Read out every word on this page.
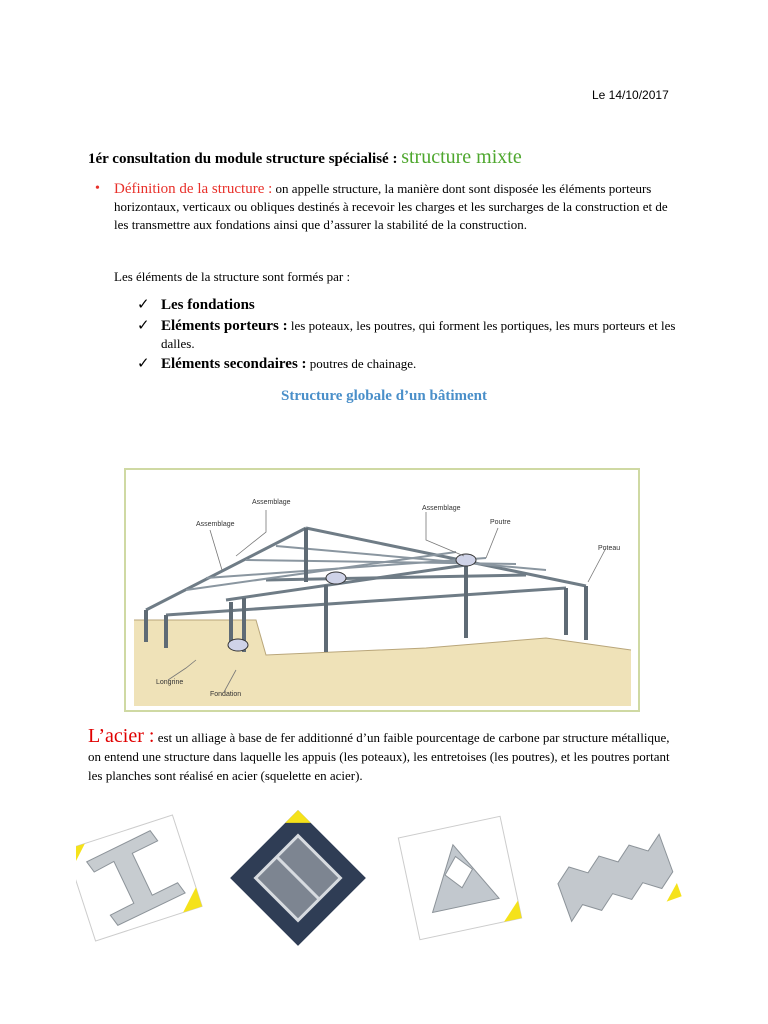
Le 14/10/2017
1ér consultation du module structure spécialisé : structure mixte
• Définition de la structure : on appelle structure, la manière dont sont disposée les éléments porteurs horizontaux, verticaux ou obliques destinés à recevoir les charges et les surcharges de la construction et de les transmettre aux fondations ainsi que d’assurer la stabilité de la construction.
Les éléments de la structure sont formés par :
✓ Les fondations
✓ Eléments porteurs : les poteaux, les poutres, qui forment les portiques, les murs porteurs et les dalles.
✓ Eléments secondaires : poutres de chainage.
Structure globale d’un bâtiment
Assemblage
Assemblage
Assemblage
Poutre
Poteau
Longrine
Fondation
L’acier : est un alliage à base de fer additionné d’un faible pourcentage de carbone par structure métallique, on entend une structure dans laquelle les appuis (les poteaux), les entretoises (les poutres), et les poutres portant les planches sont réalisé en acier (squelette en acier).
